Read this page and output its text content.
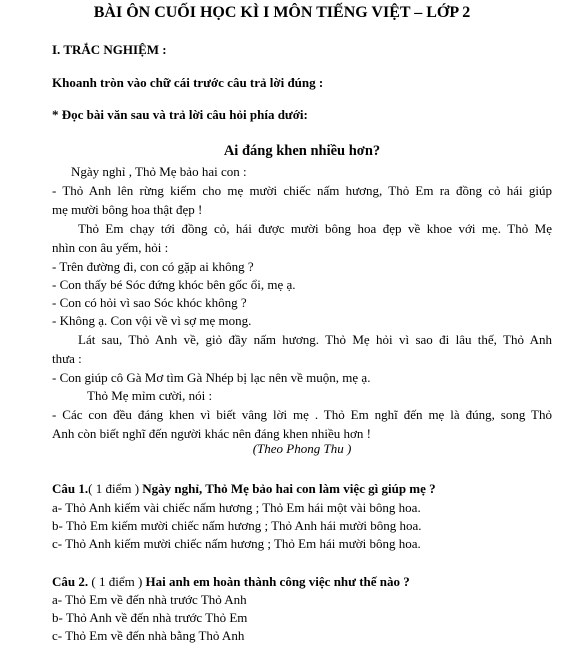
BÀI ÔN CUỐI HỌC KÌ I MÔN TIẾNG VIỆT – LỚP 2
I. TRẮC NGHIỆM :
Khoanh tròn vào chữ cái trước câu trả lời đúng :
* Đọc bài văn sau và trả lời câu hỏi phía dưới:
Ai đáng khen nhiều hơn?
Ngày nghỉ , Thỏ Mẹ bảo hai con :
- Thỏ Anh lên rừng kiếm cho mẹ mười chiếc nấm hương, Thỏ Em ra đồng cỏ hái giúp
mẹ mười bông hoa thật đẹp !
Thỏ Em chạy tới đồng cỏ, hái được mười bông hoa đẹp về khoe với mẹ. Thỏ Mẹ
nhìn con âu yếm, hỏi :
- Trên đường đi, con có gặp ai không ?
- Con thấy bé Sóc đứng khóc bên gốc ổi, mẹ ạ.
- Con có hỏi vì sao Sóc khóc không ?
- Không ạ. Con vội về vì sợ mẹ mong.
Lát sau, Thỏ Anh về, giỏ đầy nấm hương. Thỏ Mẹ hỏi vì sao đi lâu thế, Thỏ Anh
thưa :
- Con giúp cô Gà Mơ tìm Gà Nhép bị lạc nên về muộn, mẹ ạ.
Thỏ Mẹ mỉm cười, nói :
- Các con đều đáng khen vì biết vâng lời mẹ . Thỏ Em nghĩ đến mẹ là đúng, song Thỏ
Anh còn biết nghĩ đến người khác nên đáng khen nhiều hơn !
(Theo Phong Thu )
Câu 1.( 1 điểm ) Ngày nghỉ, Thỏ Mẹ bảo hai con làm việc gì giúp mẹ ?
a- Thỏ Anh kiếm vài chiếc nấm hương ; Thỏ Em hái một vài bông hoa.
b- Thỏ Em kiếm mười chiếc nấm hương ; Thỏ Anh hái mười bông hoa.
c- Thỏ Anh kiếm mười chiếc nấm hương ; Thỏ Em hái mười bông hoa.
Câu 2. ( 1 điểm ) Hai anh em hoàn thành công việc như thế nào ?
a- Thỏ Em về đến nhà trước Thỏ Anh
b- Thỏ Anh về đến nhà trước Thỏ Em
c- Thỏ Em về đến nhà bằng Thỏ Anh
